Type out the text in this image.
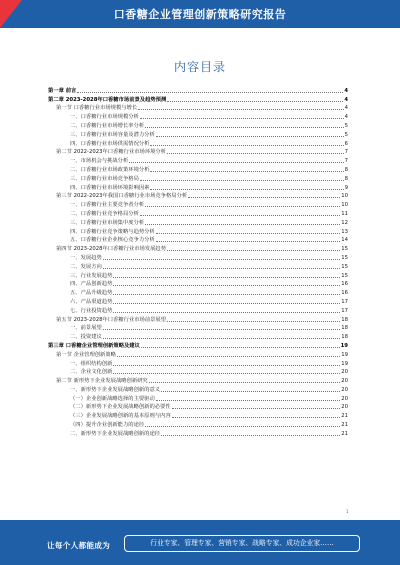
口香糖企业管理创新策略研究报告
内容目录
第一章 前言	4
第二章 2023-2028年口香糖市场前景及趋势预测	4
第一节 口香糖行业市场规模与增长	4
一、口香糖行业市场规模分析	4
二、口香糖行业市场增长率分析	5
三、口香糖行业市场容量及潜力分析	5
四、口香糖行业市场供需情况分析	6
第二节 2022-2023年口香糖行业市场环境分析	7
一、市场机会与挑战分析	7
二、口香糖行业市场政策环境分析	8
三、口香糖行业市场竞争格局	8
四、口香糖行业市场环境影响因素	9
第三节 2022-2023年我国口香糖行业市场竞争格局分析	10
一、口香糖行业主要竞争者分析	10
二、口香糖行业竞争格局分析	11
三、口香糖行业市场集中度分析	12
四、口香糖行业竞争策略与趋势分析	13
五、口香糖行业企业核心竞争力分析	14
第四节 2023-2028年口香糖行业市场发展趋势	15
一、发展趋势	15
二、发展方向	15
三、行业发展趋势	15
四、产品创新趋势	16
五、产品升级趋势	16
六、产品渠道趋势	17
七、行业投资趋势	17
第五节 2023-2028年口香糖行业市场前景展望	18
一、前景展望	18
二、投资建议	18
第三章 口香糖企业管理创新策略及建议	19
第一节 企业管理创新策略	19
一、组织结构创新	19
二、企业文化创新	20
第二节 新形势下企业发展战略创新研究	20
一、新形势下企业发展战略创新的意义	20
（一）企业创新战略选择的主要驱动	20
（二）新形势下企业发展战略创新的必要性	20
（三）企业发展战略创新的基本原则与内容	21
（四）提升企业创新能力的途径	21
二、新形势下企业发展战略创新的途径	21
1
让每个人都能成为	行业专家、管理专家、营销专家、战略专家、成功企业家……
